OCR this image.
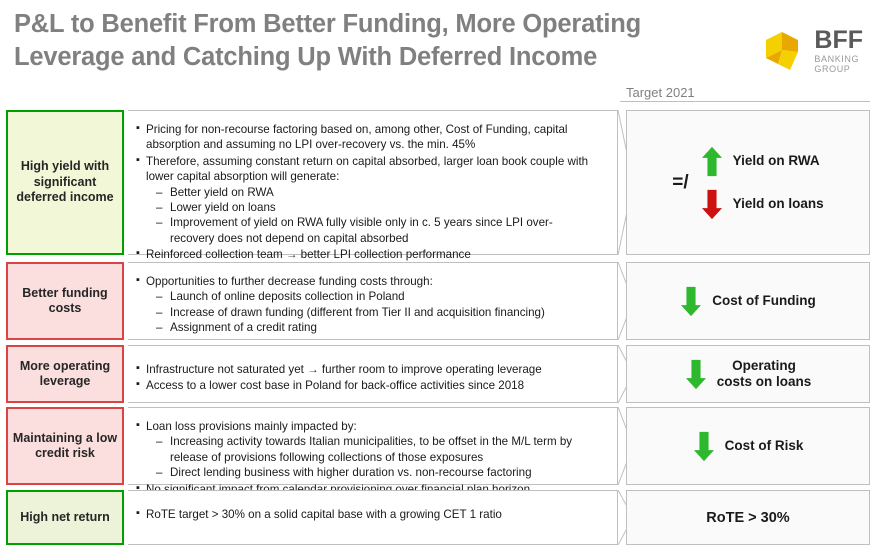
P&L to Benefit From Better Funding, More Operating Leverage and Catching Up With Deferred Income
BFF
BANKING
GROUP
Target 2021
High yield with significant deferred income
▪ Pricing for non-recourse factoring based on, among other, Cost of Funding, capital absorption and assuming no LPI over-recovery vs. the min. 45%
▪ Therefore, assuming constant return on capital absorbed, larger loan book couple with lower capital absorption will generate:
– Better yield on RWA
– Lower yield on loans
– Improvement of yield on RWA fully visible only in c. 5 years since LPI over-recovery does not depend on capital absorbed
▪ Reinforced collection team → better LPI collection performance
=/
Yield on RWA
Yield on loans
Better funding costs
▪ Opportunities to further decrease funding costs through:
– Launch of online deposits collection in Poland
– Increase of drawn funding (different from Tier II and acquisition financing)
– Assignment of a credit rating
Cost of Funding
More operating leverage
▪ Infrastructure not saturated yet → further room to improve operating leverage
▪ Access to a lower cost base in Poland for back-office activities since 2018
Operating
costs on loans
Maintaining a low credit risk
▪ Loan loss provisions mainly impacted by:
– Increasing activity towards Italian municipalities, to be offset in the M/L term by release of provisions following collections of those exposures
– Direct lending business with higher duration vs. non-recourse factoring
▪
Cost of Risk
High net return	▪ RoTE target > 30% on a solid capital base with a growing CET 1 ratio	RoTE > 30%
